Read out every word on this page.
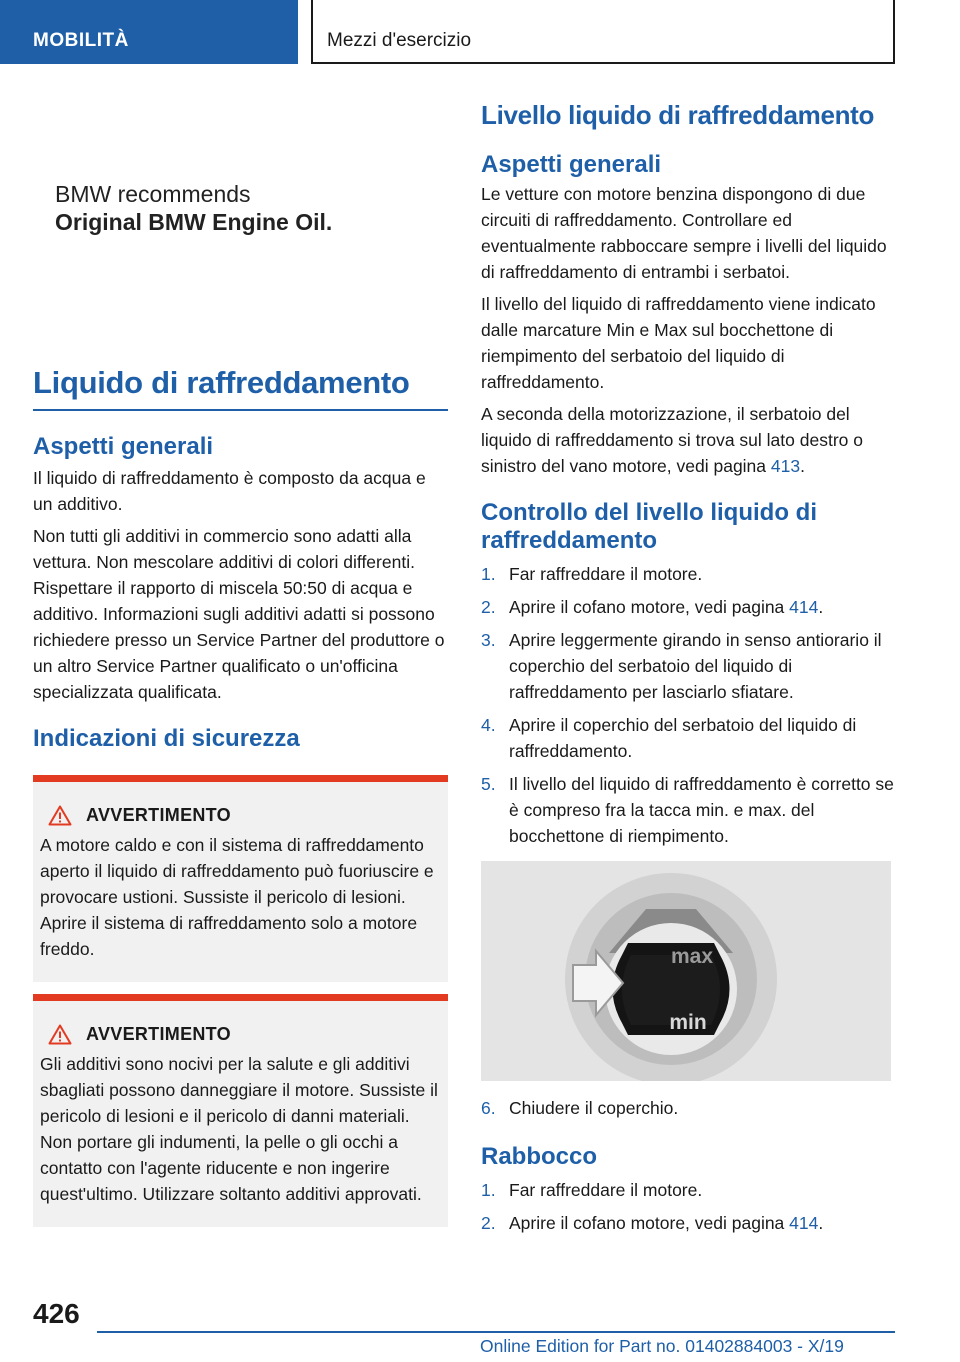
MOBILITÀ	Mezzi d'esercizio
BMW recommends
Original BMW Engine Oil.
Liquido di raffreddamento
Aspetti generali

Il liquido di raffreddamento è composto da acqua e un additivo.

Non tutti gli additivi in commercio sono adatti alla vettura. Non mescolare additivi di colori differenti. Rispettare il rapporto di miscela 50:50 di acqua e additivo. Informazioni sugli additivi adatti si possono richiedere presso un Service Partner del produttore o un altro Service Partner qualificato o un'officina specializzata qualificata.

Indicazioni di sicurezza
AVVERTIMENTO

A motore caldo e con il sistema di raffreddamento aperto il liquido di raffreddamento può fuoriuscire e provocare ustioni. Sussiste il pericolo di lesioni. Aprire il sistema di raffreddamento solo a motore freddo.

AVVERTIMENTO

Gli additivi sono nocivi per la salute e gli additivi sbagliati possono danneggiare il motore. Sussiste il pericolo di lesioni e il pericolo di danni materiali. Non portare gli indumenti, la pelle o gli occhi a contatto con l'agente riducente e non ingerire quest'ultimo. Utilizzare soltanto additivi approvati.

Livello liquido di raffreddamento
Aspetti generali

Le vetture con motore benzina dispongono di due circuiti di raffreddamento. Controllare ed eventualmente rabboccare sempre i livelli del liquido di raffreddamento di entrambi i serbatoi.

Il livello del liquido di raffreddamento viene indicato dalle marcature Min e Max sul bocchettone di riempimento del serbatoio del liquido di raffreddamento.

A seconda della motorizzazione, il serbatoio del liquido di raffreddamento si trova sul lato destro o sinistro del vano motore, vedi pagina 413.

Controllo del livello liquido di raffreddamento
1. Far raffreddare il motore.
2. Aprire il cofano motore, vedi pagina 414.
3. Aprire leggermente girando in senso antiorario il coperchio del serbatoio del liquido di raffreddamento per lasciarlo sfiatare.
4. Aprire il coperchio del serbatoio del liquido di raffreddamento.
5. Il livello del liquido di raffreddamento è corretto se è compreso fra la tacca min. e max. del bocchettone di riempimento.
max
min
6. Chiudere il coperchio.
Rabbocco
1. Far raffreddare il motore.
2. Aprire il cofano motore, vedi pagina 414.
426
Online Edition for Part no. 01402884003 - X/19
